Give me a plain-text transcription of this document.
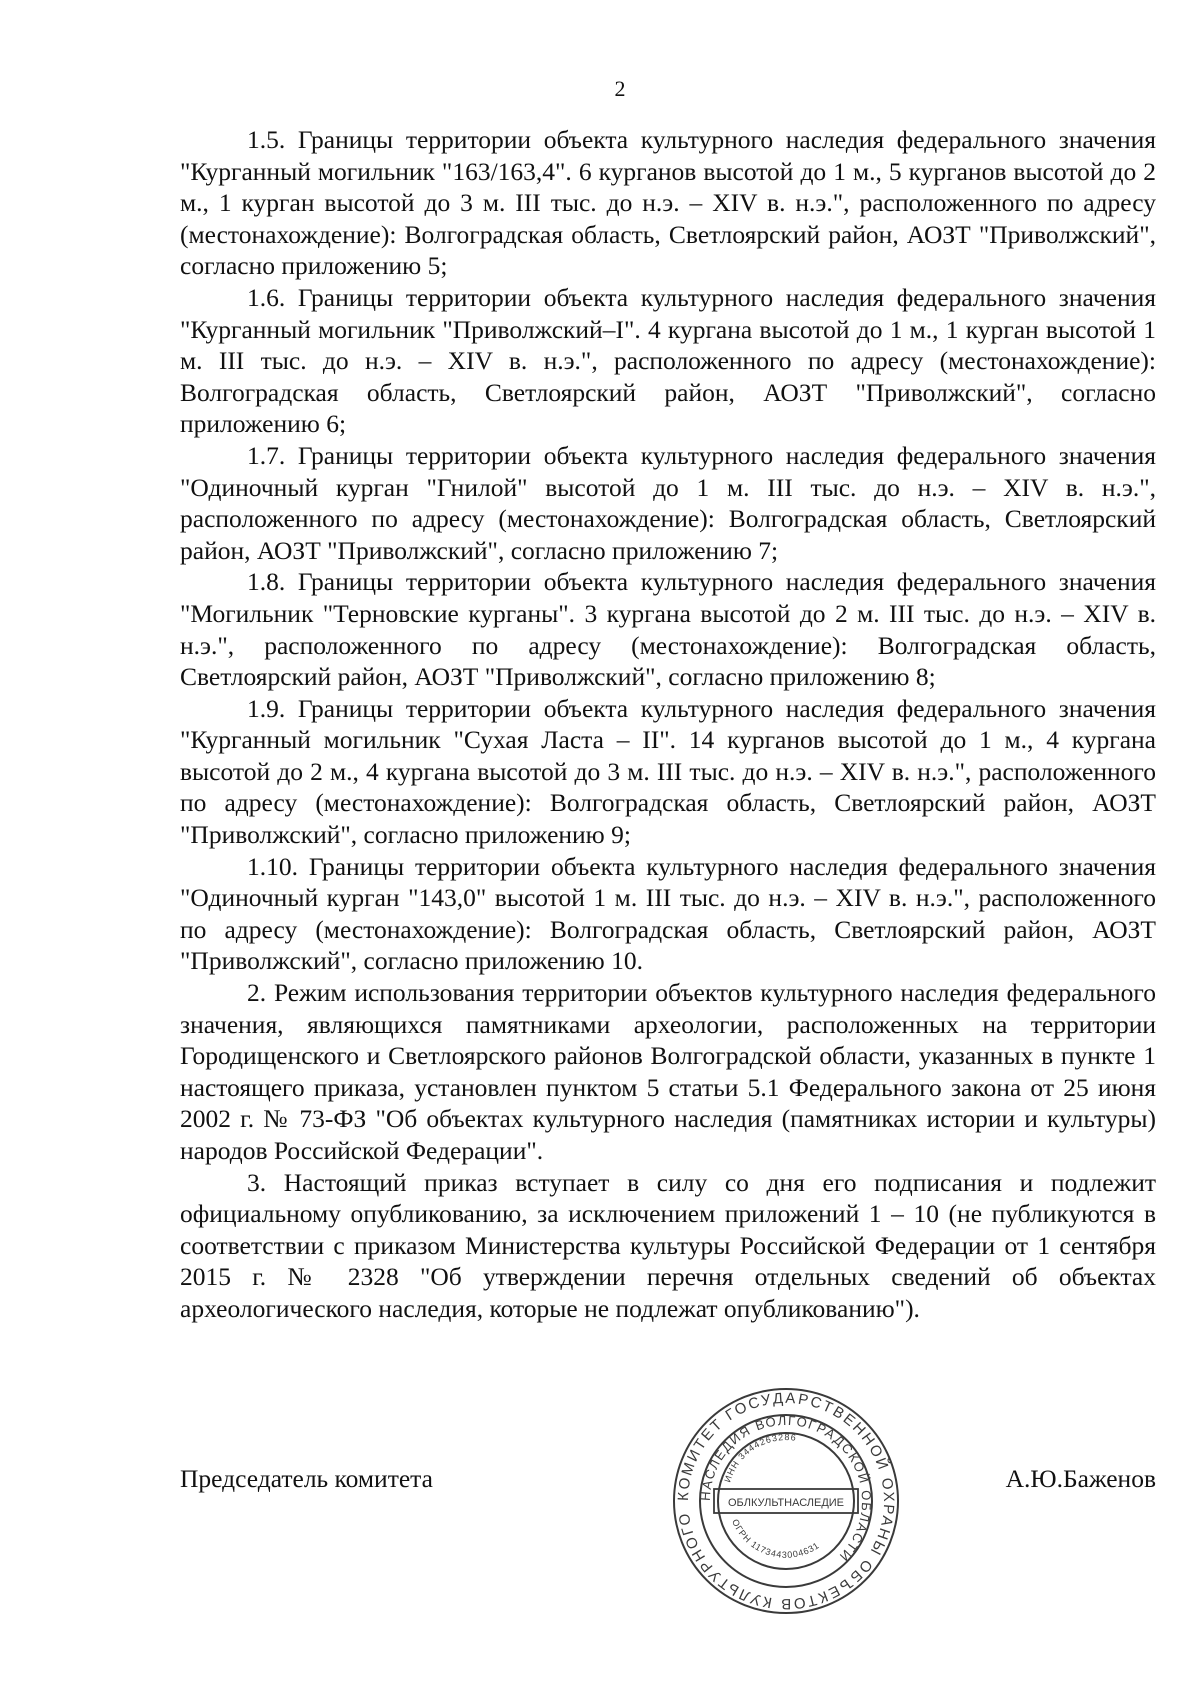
2

1.5. Границы территории объекта культурного наследия федерального значения "Курганный могильник "163/163,4". 6 курганов высотой до 1 м., 5 курганов высотой до 2 м., 1 курган высотой до 3 м. III тыс. до н.э. – XIV в. н.э.", расположенного по адресу (местонахождение): Волгоградская область, Светлоярский район, АОЗТ "Приволжский", согласно приложению 5;

1.6. Границы территории объекта культурного наследия федерального значения "Курганный могильник "Приволжский–I". 4 кургана высотой до 1 м., 1 курган высотой 1 м. III тыс. до н.э. – XIV в. н.э.", расположенного по адресу (местонахождение): Волгоградская область, Светлоярский район, АОЗТ "Приволжский", согласно приложению 6;

1.7. Границы территории объекта культурного наследия федерального значения "Одиночный курган "Гнилой" высотой до 1 м. III тыс. до н.э. – XIV в. н.э.", расположенного по адресу (местонахождение): Волгоградская область, Светлоярский район, АОЗТ "Приволжский", согласно приложению 7;

1.8. Границы территории объекта культурного наследия федерального значения "Могильник "Терновские курганы". 3 кургана высотой до 2 м. III тыс. до н.э. – XIV в. н.э.", расположенного по адресу (местонахождение): Волгоградская область, Светлоярский район, АОЗТ "Приволжский", согласно приложению 8;

1.9. Границы территории объекта культурного наследия федерального значения "Курганный могильник "Сухая Ласта – II". 14 курганов высотой до 1 м., 4 кургана высотой до 2 м., 4 кургана высотой до 3 м. III тыс. до н.э. – XIV в. н.э.", расположенного по адресу (местонахождение): Волгоградская область, Светлоярский район, АОЗТ "Приволжский", согласно приложению 9;

1.10. Границы территории объекта культурного наследия федерального значения "Одиночный курган "143,0" высотой 1 м. III тыс. до н.э. – XIV в. н.э.", расположенного по адресу (местонахождение): Волгоградская область, Светлоярский район, АОЗТ "Приволжский", согласно приложению 10.

2. Режим использования территории объектов культурного наследия федерального значения, являющихся памятниками археологии, расположенных на территории Городищенского и Светлоярского районов Волгоградской области, указанных в пункте 1 настоящего приказа, установлен пунктом 5 статьи 5.1 Федерального закона от 25 июня 2002 г. № 73-ФЗ "Об объектах культурного наследия (памятниках истории и культуры) народов Российской Федерации".

3. Настоящий приказ вступает в силу со дня его подписания и подлежит официальному опубликованию, за исключением приложений 1 – 10 (не публикуются в соответствии с приказом Министерства культуры Российской Федерации от 1 сентября 2015 г. № 2328 "Об утверждении перечня отдельных сведений об объектах археологического наследия, которые не подлежат опубликованию").

Председатель комитета	А.Ю.Баженов
КОМИТЕТ ГОСУДАРСТВЕННОЙ ОХРАНЫ ОБЪЕКТОВ КУЛЬТУРНОГО
НАСЛЕДИЯ ВОЛГОГРАДСКОЙ ОБЛАСТИ
ИНН 3444263286
ОГРН 1173443004631
ОБЛКУЛЬТНАСЛЕДИЕ
